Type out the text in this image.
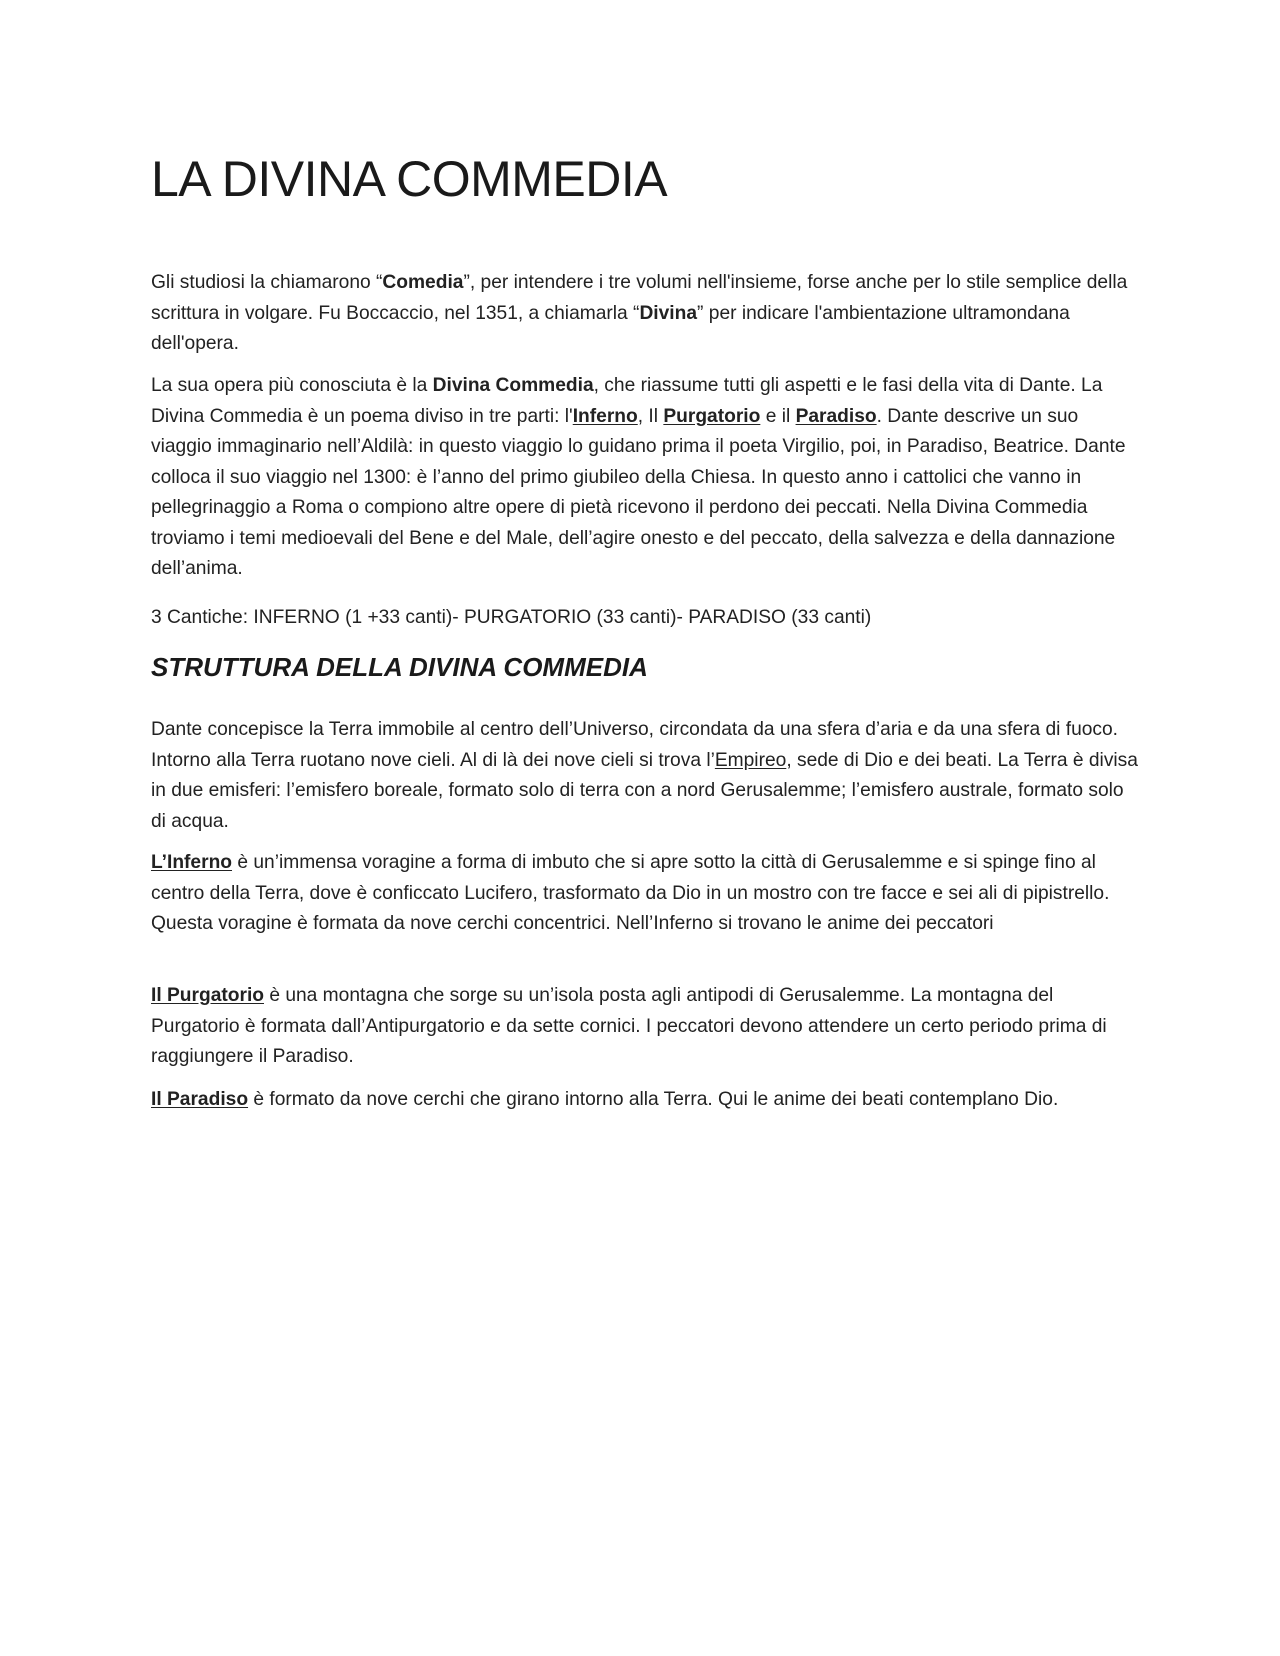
LA DIVINA COMMEDIA

Gli studiosi la chiamarono “Comedia”, per intendere i tre volumi nell'insieme, forse anche per lo stile semplice della scrittura in volgare. Fu Boccaccio, nel 1351, a chiamarla “Divina” per indicare l'ambientazione ultramondana dell'opera.

La sua opera più conosciuta è la Divina Commedia, che riassume tutti gli aspetti e le fasi della vita di Dante. La Divina Commedia è un poema diviso in tre parti: l'Inferno, Il Purgatorio e il Paradiso. Dante descrive un suo viaggio immaginario nell’Aldilà: in questo viaggio lo guidano prima il poeta Virgilio, poi, in Paradiso, Beatrice. Dante colloca il suo viaggio nel 1300: è l’anno del primo giubileo della Chiesa. In questo anno i cattolici che vanno in pellegrinaggio a Roma o compiono altre opere di pietà ricevono il perdono dei peccati. Nella Divina Commedia troviamo i temi medioevali del Bene e del Male, dell’agire onesto e del peccato, della salvezza e della dannazione dell’anima.

3 Cantiche: INFERNO (1 +33 canti)- PURGATORIO (33 canti)- PARADISO (33 canti)

STRUTTURA DELLA DIVINA COMMEDIA

Dante concepisce la Terra immobile al centro dell’Universo, circondata da una sfera d’aria e da una sfera di fuoco. Intorno alla Terra ruotano nove cieli. Al di là dei nove cieli si trova l’Empireo, sede di Dio e dei beati. La Terra è divisa in due emisferi: l’emisfero boreale, formato solo di terra con a nord Gerusalemme; l’emisfero australe, formato solo di acqua.

L’Inferno è un’immensa voragine a forma di imbuto che si apre sotto la città di Gerusalemme e si spinge fino al centro della Terra, dove è conficcato Lucifero, trasformato da Dio in un mostro con tre facce e sei ali di pipistrello. Questa voragine è formata da nove cerchi concentrici. Nell’Inferno si trovano le anime dei peccatori

Il Purgatorio è una montagna che sorge su un’isola posta agli antipodi di Gerusalemme. La montagna del Purgatorio è formata dall’Antipurgatorio e da sette cornici. I peccatori devono attendere un certo periodo prima di raggiungere il Paradiso.

Il Paradiso è formato da nove cerchi che girano intorno alla Terra. Qui le anime dei beati contemplano Dio.
